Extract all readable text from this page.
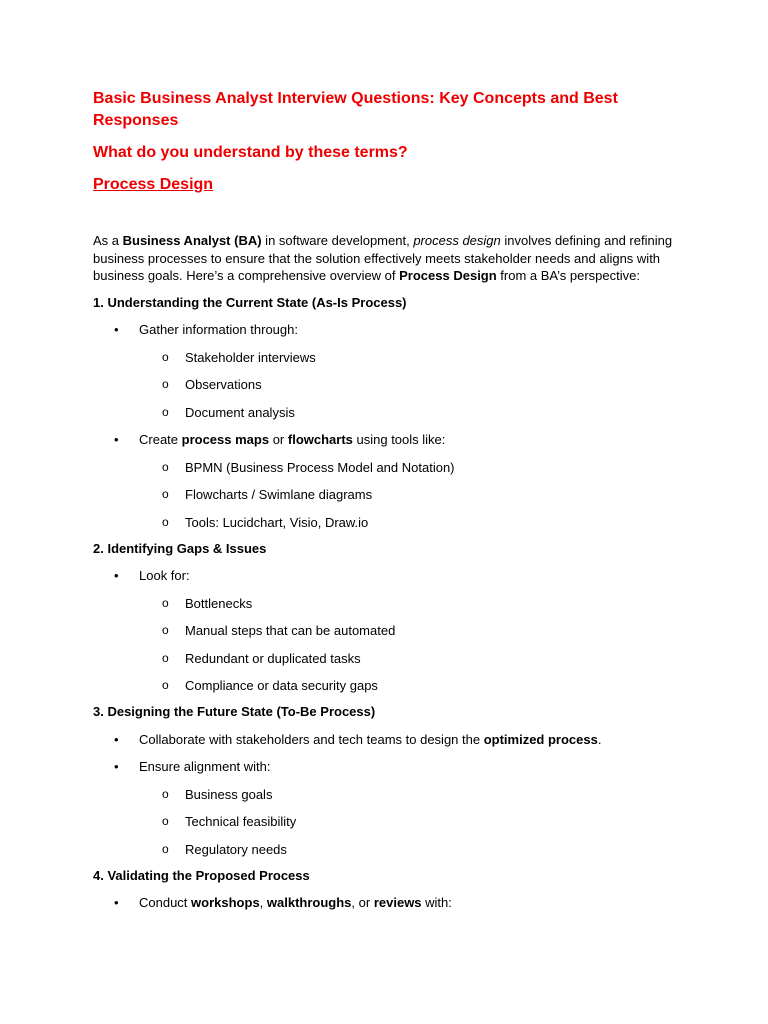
Basic Business Analyst Interview Questions: Key Concepts and Best Responses

What do you understand by these terms?

Process Design

As a Business Analyst (BA) in software development, process design involves defining and refining business processes to ensure that the solution effectively meets stakeholder needs and aligns with business goals. Here’s a comprehensive overview of Process Design from a BA’s perspective:

1. Understanding the Current State (As-Is Process)

• Gather information through:
o Stakeholder interviews
o Observations
o Document analysis
• Create process maps or flowcharts using tools like:
o BPMN (Business Process Model and Notation)
o Flowcharts / Swimlane diagrams
o Tools: Lucidchart, Visio, Draw.io

2. Identifying Gaps & Issues

• Look for:
o Bottlenecks
o Manual steps that can be automated
o Redundant or duplicated tasks
o Compliance or data security gaps

3. Designing the Future State (To-Be Process)

• Collaborate with stakeholders and tech teams to design the optimized process.
• Ensure alignment with:
o Business goals
o Technical feasibility
o Regulatory needs

4. Validating the Proposed Process

• Conduct workshops, walkthroughs, or reviews with:
